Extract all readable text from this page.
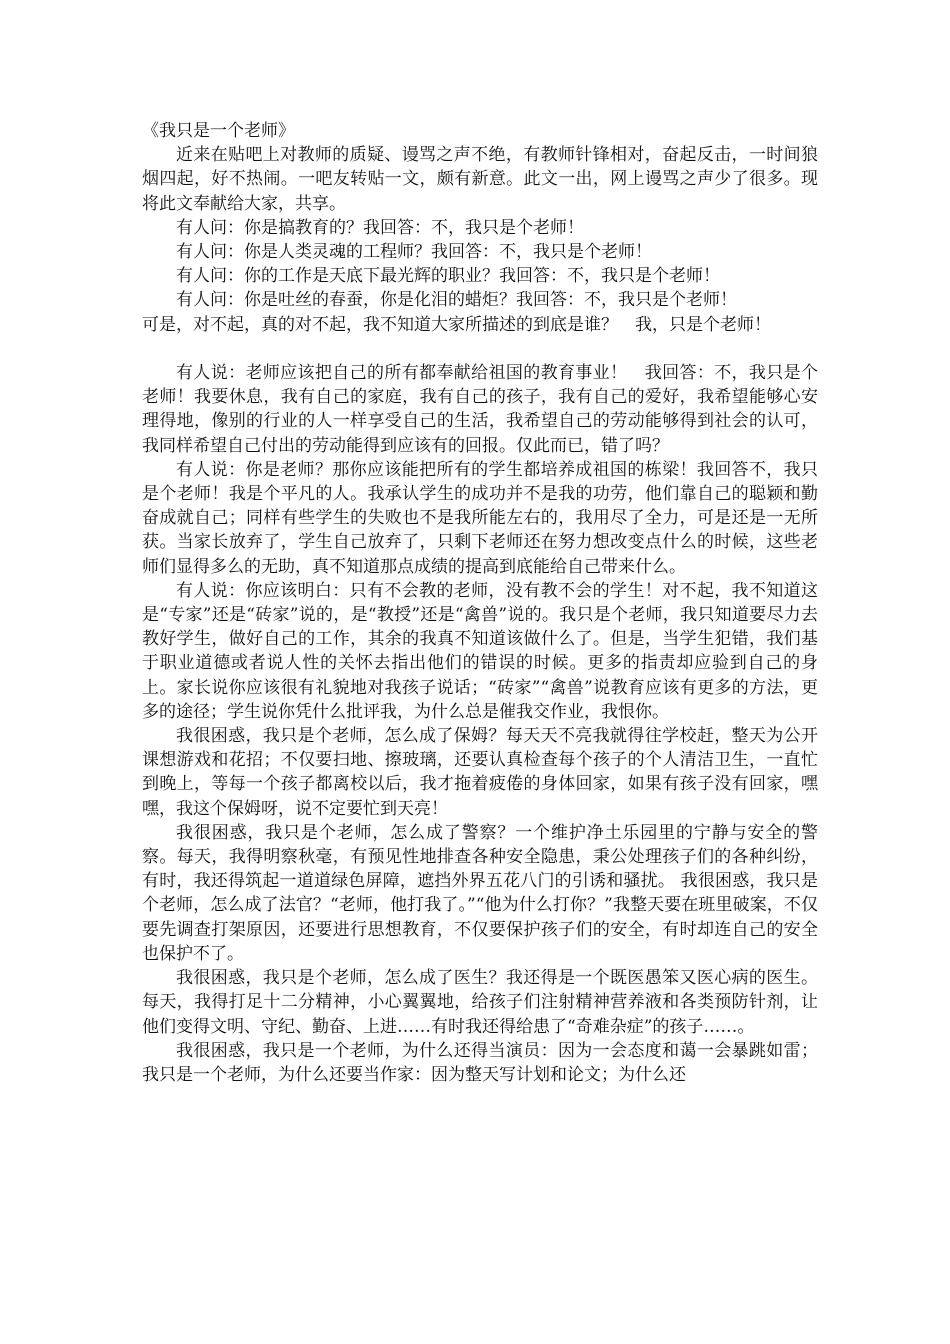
《我只是一个老师》

近来在贴吧上对教师的质疑、谩骂之声不绝，有教师针锋相对，奋起反击，一时间狼烟四起，好不热闹。一吧友转贴一文，颇有新意。此文一出，网上谩骂之声少了很多。现将此文奉献给大家，共享。

有人问：你是搞教育的？我回答：不，我只是个老师！

有人问：你是人类灵魂的工程师？我回答：不，我只是个老师！

有人问：你的工作是天底下最光辉的职业？我回答：不，我只是个老师！

有人问：你是吐丝的春蚕，你是化泪的蜡炬？我回答：不，我只是个老师！

可是，对不起，真的对不起，我不知道大家所描述的到底是谁？　我，只是个老师！

有人说：老师应该把自己的所有都奉献给祖国的教育事业！　我回答：不，我只是个老师！我要休息，我有自己的家庭，我有自己的孩子，我有自己的爱好，我希望能够心安理得地，像别的行业的人一样享受自己的生活，我希望自己的劳动能够得到社会的认可，我同样希望自己付出的劳动能得到应该有的回报。仅此而已，错了吗？

有人说：你是老师？那你应该能把所有的学生都培养成祖国的栋梁！我回答不，我只是个老师！我是个平凡的人。我承认学生的成功并不是我的功劳，他们靠自己的聪颖和勤奋成就自己；同样有些学生的失败也不是我所能左右的，我用尽了全力，可是还是一无所获。当家长放弃了，学生自己放弃了，只剩下老师还在努力想改变点什么的时候，这些老师们显得多么的无助，真不知道那点成绩的提高到底能给自己带来什么。

有人说：你应该明白：只有不会教的老师，没有教不会的学生！对不起，我不知道这是“专家”还是“砖家”说的，是“教授”还是“禽兽”说的。我只是个老师，我只知道要尽力去教好学生，做好自己的工作，其余的我真不知道该做什么了。但是，当学生犯错，我们基于职业道德或者说人性的关怀去指出他们的错误的时候。更多的指责却应验到自己的身上。家长说你应该很有礼貌地对我孩子说话；“砖家”“禽兽”说教育应该有更多的方法，更多的途径；学生说你凭什么批评我，为什么总是催我交作业，我恨你。

我很困惑，我只是个老师，怎么成了保姆？每天天不亮我就得往学校赶，整天为公开课想游戏和花招；不仅要扫地、擦玻璃，还要认真检查每个孩子的个人清洁卫生，一直忙到晚上，等每一个孩子都离校以后，我才拖着疲倦的身体回家，如果有孩子没有回家，嘿嘿，我这个保姆呀，说不定要忙到天亮！

我很困惑，我只是个老师，怎么成了警察？一个维护净土乐园里的宁静与安全的警察。每天，我得明察秋毫，有预见性地排查各种安全隐患，秉公处理孩子们的各种纠纷，有时，我还得筑起一道道绿色屏障，遮挡外界五花八门的引诱和骚扰。 我很困惑，我只是个老师，怎么成了法官？“老师，他打我了。”“他为什么打你？”我整天要在班里破案，不仅要先调查打架原因，还要进行思想教育，不仅要保护孩子们的安全，有时却连自己的安全也保护不了。

我很困惑，我只是个老师，怎么成了医生？我还得是一个既医愚笨又医心病的医生。每天，我得打足十二分精神，小心翼翼地，给孩子们注射精神营养液和各类预防针剂，让他们变得文明、守纪、勤奋、上进……有时我还得给患了“奇难杂症”的孩子……。

我很困惑，我只是一个老师，为什么还得当演员：因为一会态度和蔼一会暴跳如雷；我只是一个老师，为什么还要当作家：因为整天写计划和论文；为什么还
